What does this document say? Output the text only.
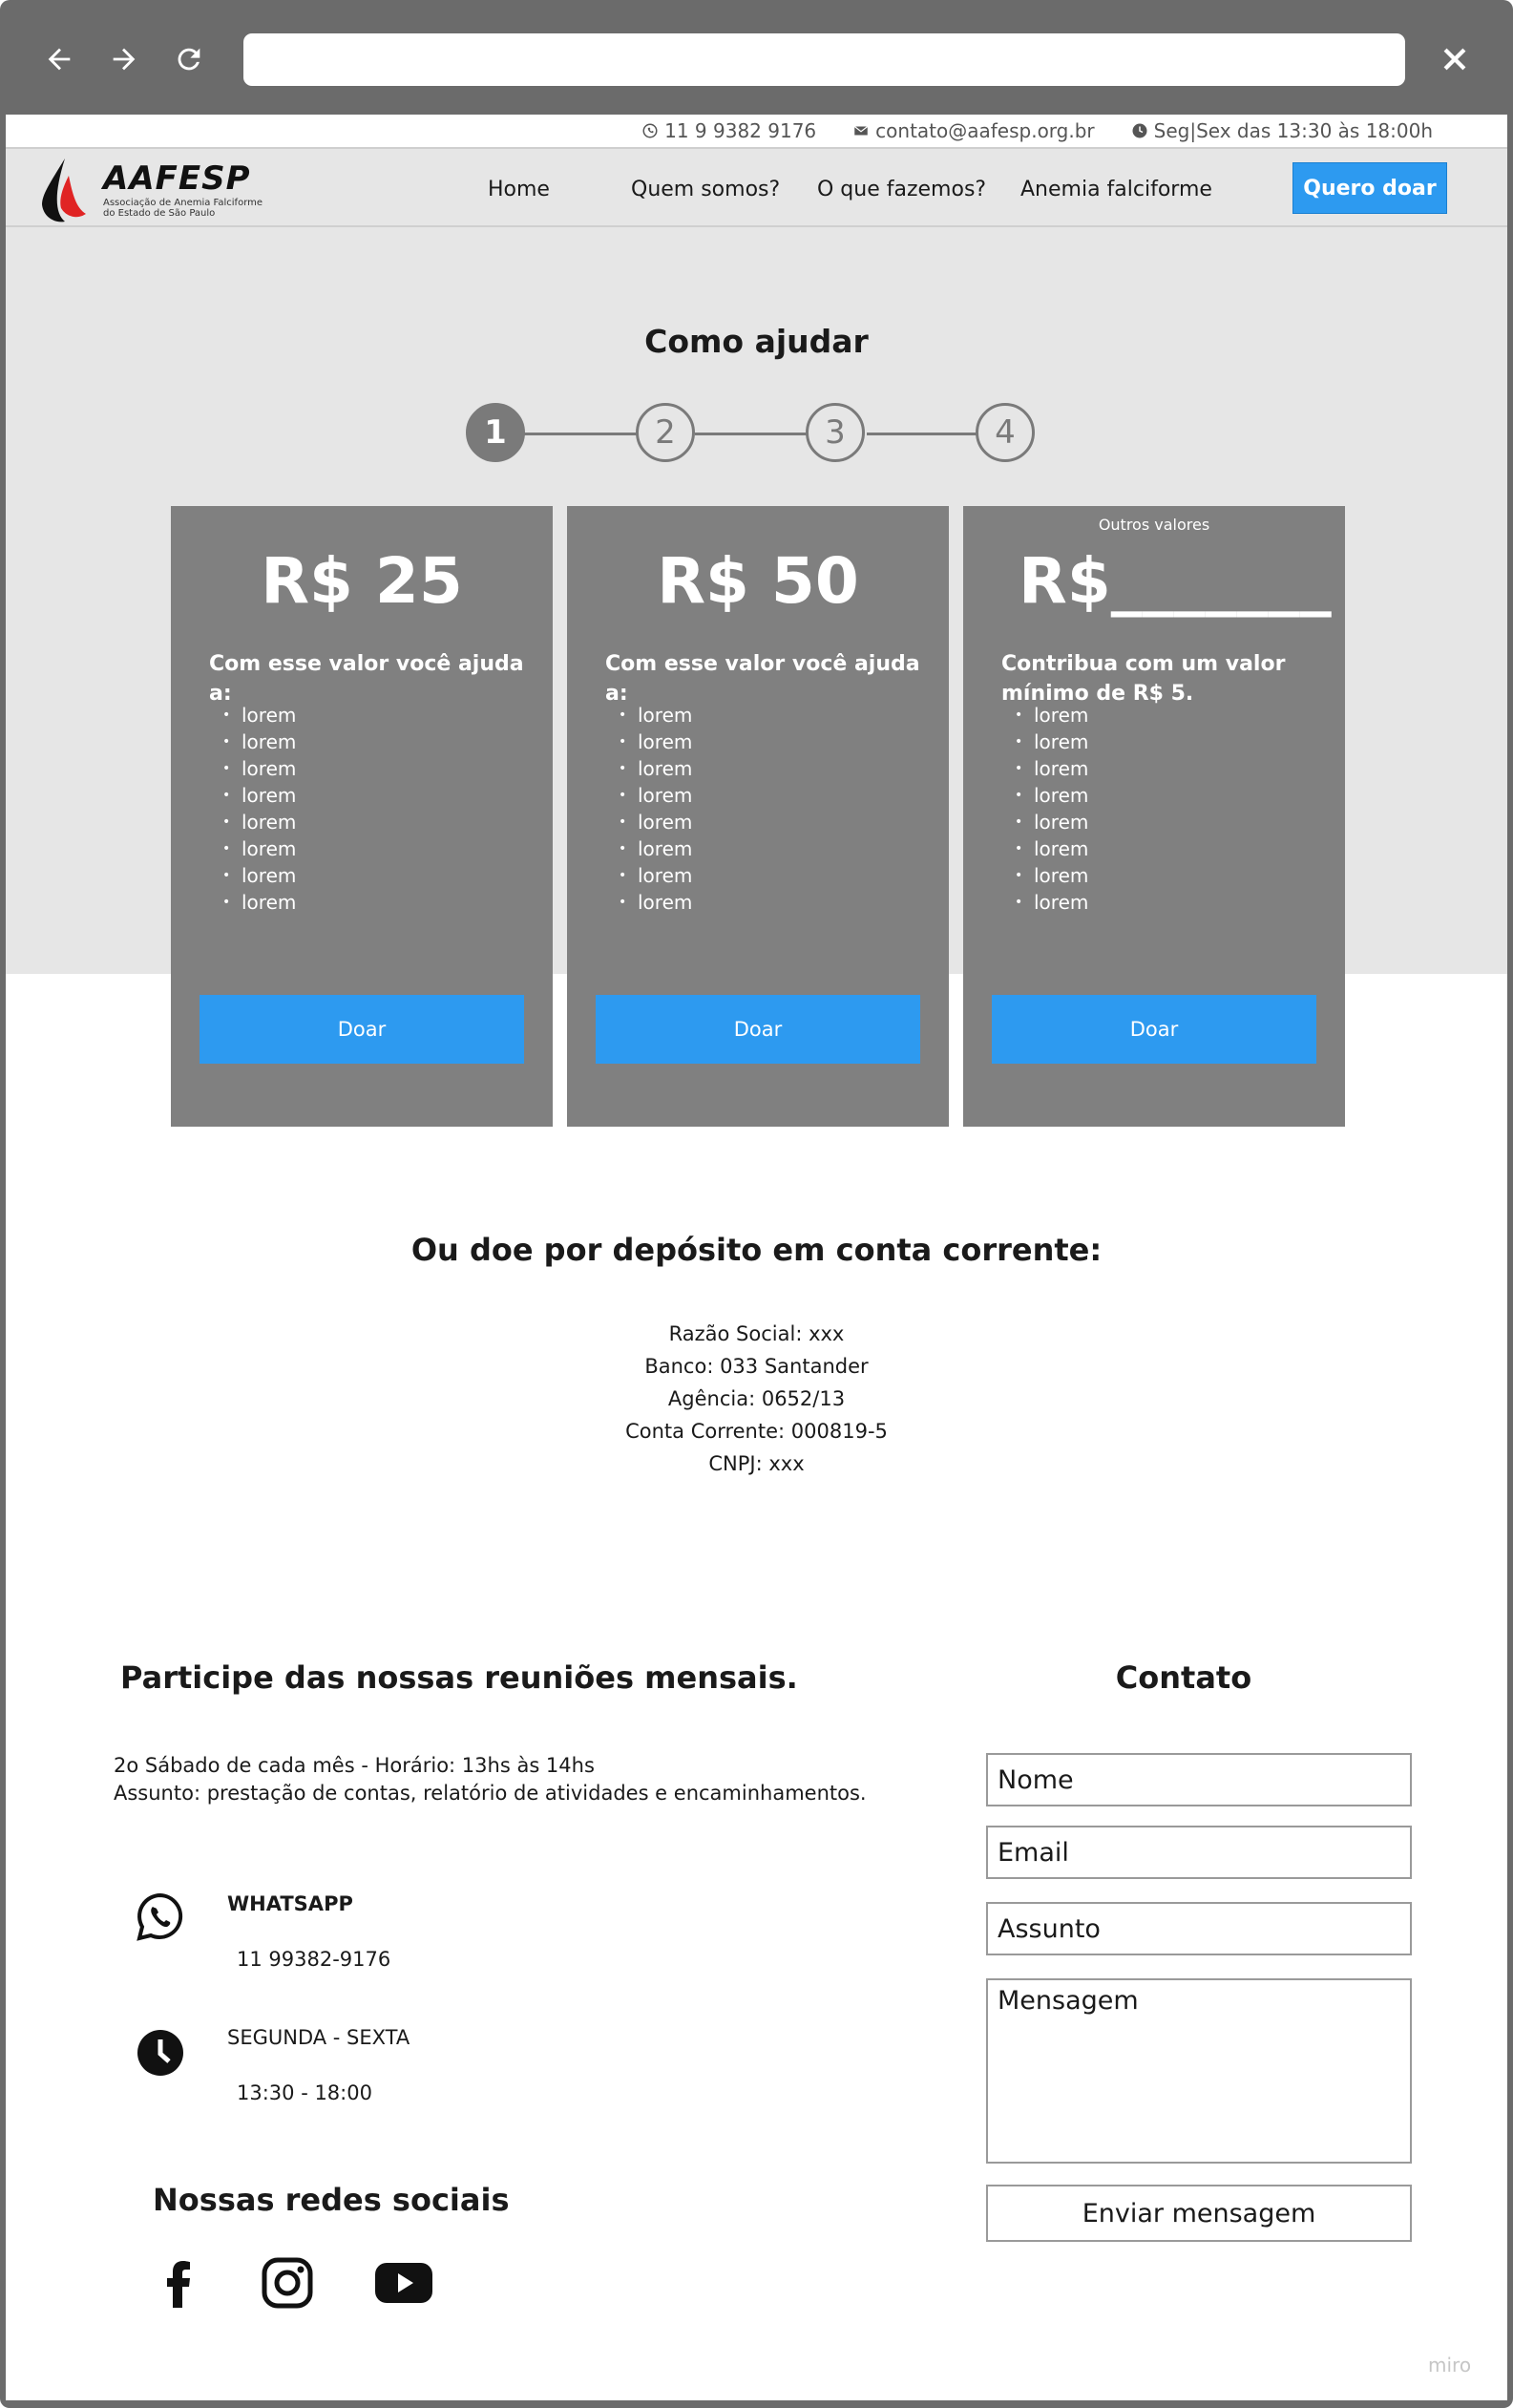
11 9 9382 9176	contato@aafesp.org.br	Seg|Sex das 13:30 às 18:00h
AAFESP
Associação de Anemia Falciforme
do Estado de São Paulo
Home	Quem somos? O que fazemos? Anemia falciforme	Quero doar
Como ajudar
1	2	3	4
R$ 25
Com esse valor você ajuda a:
• lorem
• lorem
• lorem
• lorem
• lorem
• lorem
• lorem
• lorem
Doar
R$ 50
Com esse valor você ajuda a:
• lorem
• lorem
• lorem
• lorem
• lorem
• lorem
• lorem
• lorem
Doar
Outros valores
R$_______
Contribua com um valor mínimo de R$ 5.
• lorem
• lorem
• lorem
• lorem
• lorem
• lorem
• lorem
• lorem
Doar
Ou doe por depósito em conta corrente:
Razão Social: xxx
Banco: 033 Santander
Agência: 0652/13
Conta Corrente: 000819-5
CNPJ: xxx
Participe das nossas reuniões mensais.
2o Sábado de cada mês - Horário: 13hs às 14hs
Assunto: prestação de contas, relatório de atividades e encaminhamentos.
WHATSAPP
11 99382-9176
SEGUNDA - SEXTA
13:30 - 18:00
Nossas redes sociais
Contato
Nome
Email
Assunto
Mensagem
Enviar mensagem
miro
